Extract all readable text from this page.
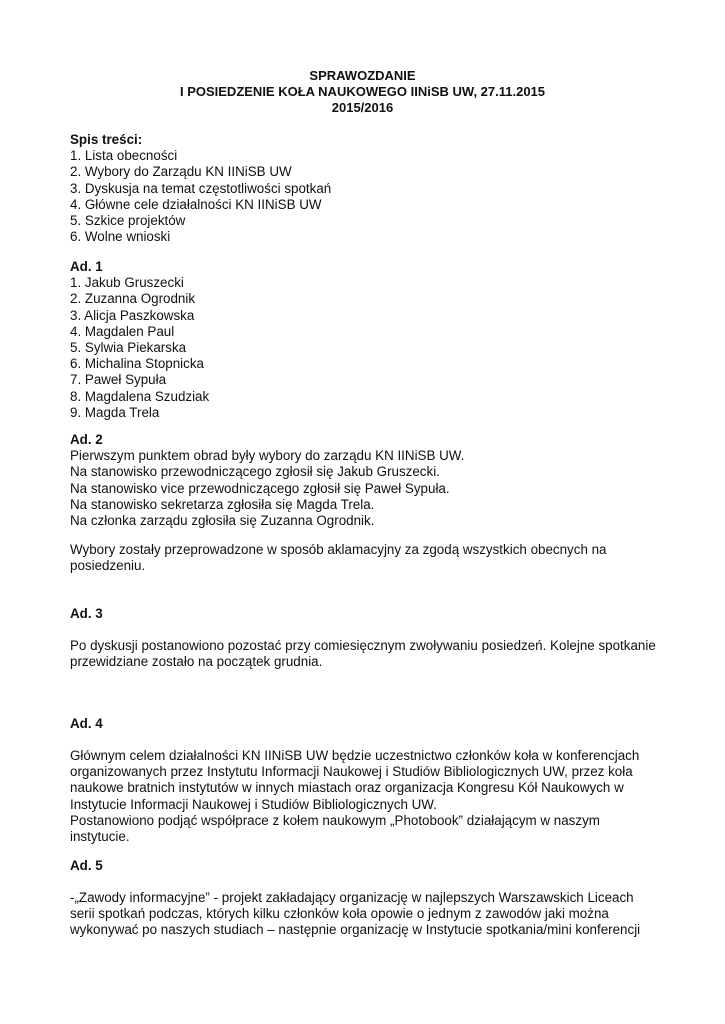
SPRAWOZDANIE
I POSIEDZENIE KOŁA NAUKOWEGO IINiSB UW, 27.11.2015
2015/2016
Spis treści:
1. Lista obecności
2. Wybory do Zarządu KN IINiSB UW
3. Dyskusja na temat częstotliwości spotkań
4. Główne cele działalności KN IINiSB UW
5. Szkice projektów
6. Wolne wnioski
Ad. 1
1. Jakub Gruszecki
2. Zuzanna Ogrodnik
3. Alicja Paszkowska
4. Magdalen Paul
5. Sylwia Piekarska
6. Michalina Stopnicka
7. Paweł Sypuła
8. Magdalena Szudziak
9. Magda Trela
Ad. 2
Pierwszym punktem obrad były wybory do zarządu KN IINiSB UW.
Na stanowisko przewodniczącego zgłosił się Jakub Gruszecki.
Na stanowisko vice przewodniczącego zgłosił się Paweł Sypuła.
Na stanowisko sekretarza zgłosiła się Magda Trela.
Na członka zarządu zgłosiła się Zuzanna Ogrodnik.
Wybory zostały przeprowadzone w sposób aklamacyjny za zgodą wszystkich obecnych na
posiedzeniu.
Ad. 3
Po dyskusji postanowiono pozostać przy comiesięcznym zwoływaniu posiedzeń. Kolejne spotkanie
przewidziane zostało na początek grudnia.
Ad. 4
Głównym celem działalności KN IINiSB UW będzie uczestnictwo członków koła w konferencjach
organizowanych przez Instytutu Informacji Naukowej i Studiów Bibliologicznych UW, przez koła
naukowe bratnich instytutów w innych miastach oraz organizacja Kongresu Kół Naukowych w
Instytucie Informacji Naukowej i Studiów Bibliologicznych UW.
Postanowiono podjąć współprace z kołem naukowym „Photobook” działającym w naszym
instytucie.
Ad. 5
-„Zawody informacyjne” - projekt zakładający organizację w najlepszych Warszawskich Liceach
serii spotkań podczas, których kilku członków koła opowie o jednym z zawodów jaki można
wykonywać po naszych studiach – następnie organizację w Instytucie spotkania/mini konferencji
